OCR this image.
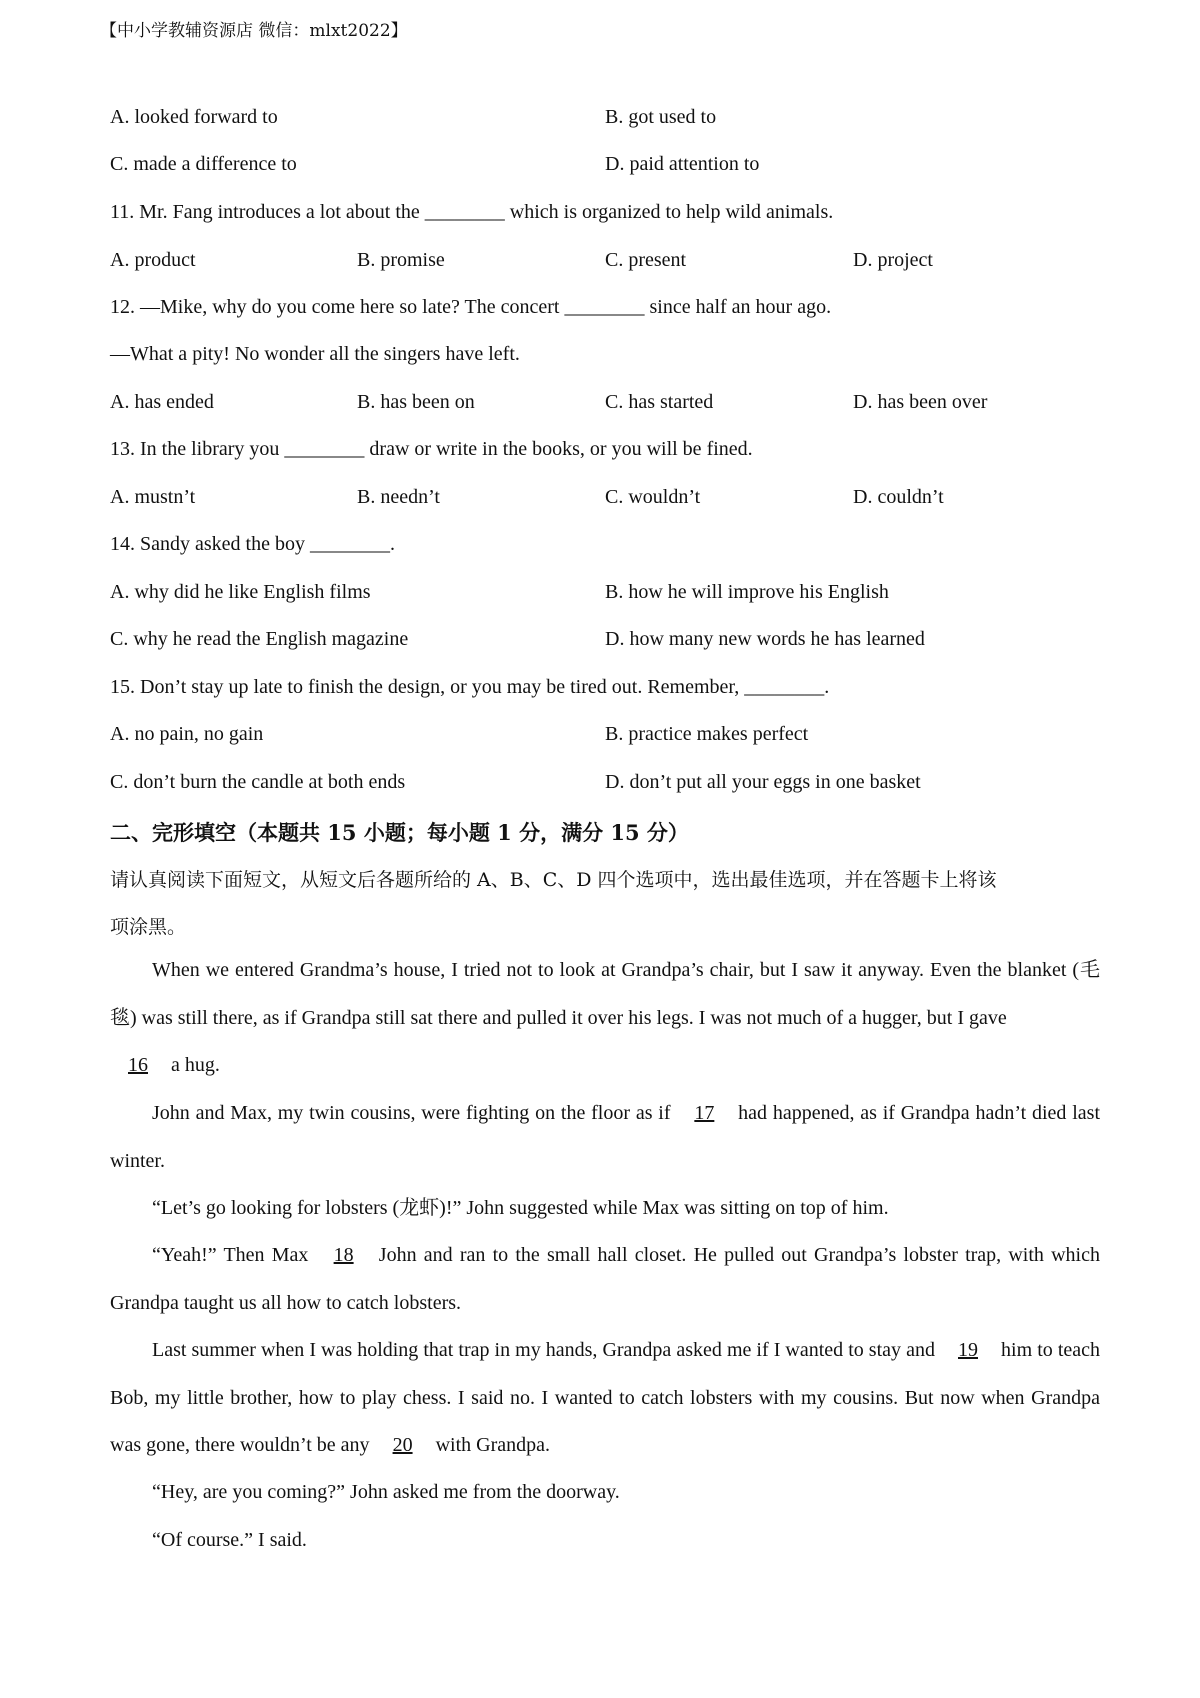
【中小学教辅资源店 微信：mlxt2022】
A. looked forward to	B. got used to
C. made a difference to	D. paid attention to
11. Mr. Fang introduces a lot about the ________ which is organized to help wild animals.
A. product	B. promise	C. present	D. project
12. —Mike, why do you come here so late? The concert ________ since half an hour ago.
—What a pity! No wonder all the singers have left.
A. has ended	B. has been on	C. has started	D. has been over
13. In the library you ________ draw or write in the books, or you will be fined.
A. mustn’t	B. needn’t	C. wouldn’t	D. couldn’t
14. Sandy asked the boy ________.
A. why did he like English films	B. how he will improve his English
C. why he read the English magazine	D. how many new words he has learned
15. Don’t stay up late to finish the design, or you may be tired out. Remember, ________.
A. no pain, no gain	B. practice makes perfect
C. don’t burn the candle at both ends	D. don’t put all your eggs in one basket
二、完形填空（本题共 15 小题；每小题 1 分，满分 15 分）
请认真阅读下面短文，从短文后各题所给的 A、B、C、D 四个选项中，选出最佳选项，并在答题卡上将该
项涂黑。

When we entered Grandma’s house, I tried not to look at Grandpa’s chair, but I saw it anyway. Even the blanket (毛毯) was still there, as if Grandpa still sat there and pulled it over his legs. I was not much of a hugger, but I gave
16 a hug.

John and Max, my twin cousins, were fighting on the floor as if 17 had happened, as if Grandpa hadn’t died last winter.

“Let’s go looking for lobsters (龙虾)!” John suggested while Max was sitting on top of him.

“Yeah!” Then Max 18 John and ran to the small hall closet. He pulled out Grandpa’s lobster trap, with which Grandpa taught us all how to catch lobsters.

Last summer when I was holding that trap in my hands, Grandpa asked me if I wanted to stay and 19 him to teach Bob, my little brother, how to play chess. I said no. I wanted to catch lobsters with my cousins. But now when Grandpa was gone, there wouldn’t be any 20 with Grandpa.

“Hey, are you coming?” John asked me from the doorway.

“Of course.” I said.
